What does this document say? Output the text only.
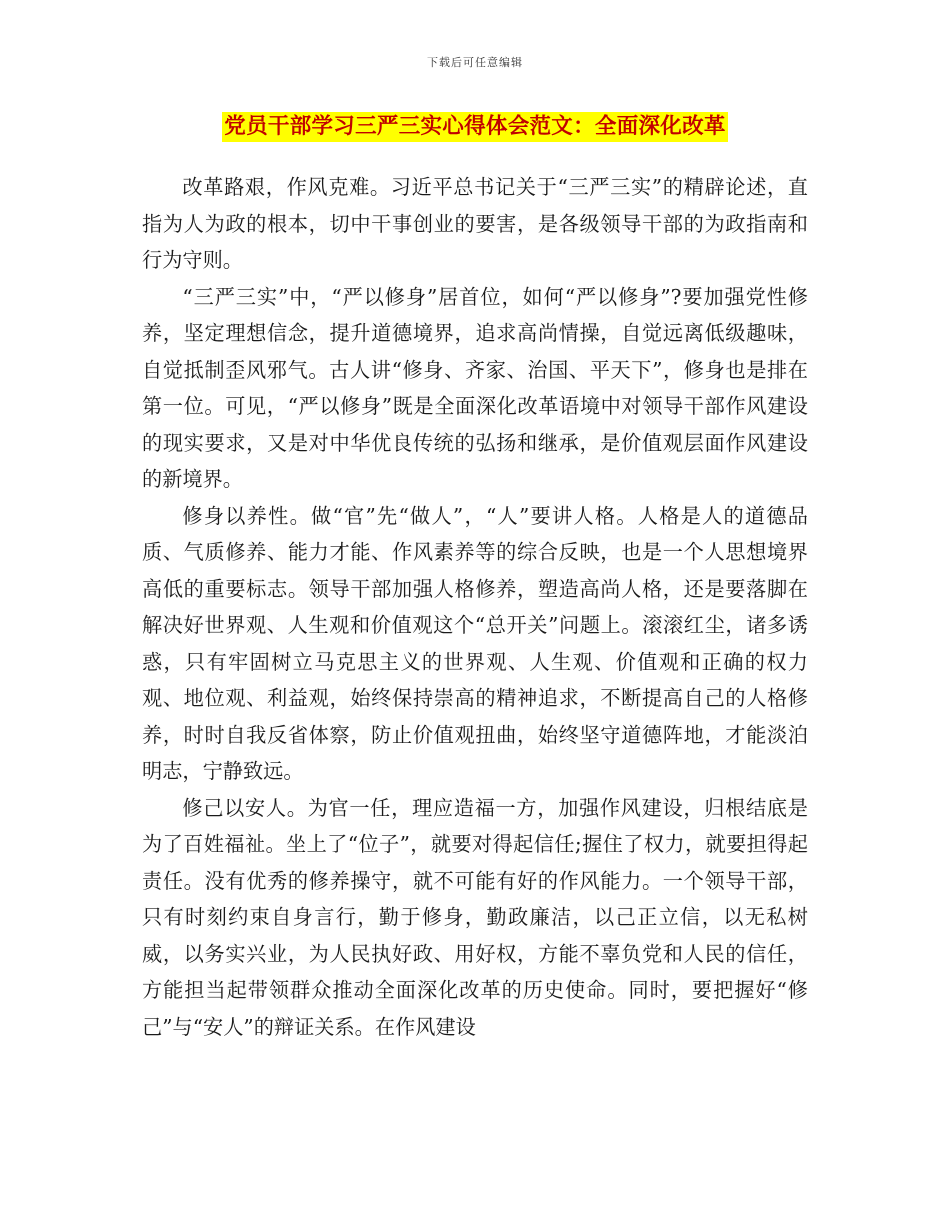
下载后可任意编辑
党员干部学习三严三实心得体会范文：全面深化改革

改革路艰，作风克难。习近平总书记关于“三严三实”的精辟论述，直指为人为政的根本，切中干事创业的要害，是各级领导干部的为政指南和行为守则。

“三严三实”中，“严以修身”居首位，如何“严以修身”?要加强党性修养，坚定理想信念，提升道德境界，追求高尚情操，自觉远离低级趣味，自觉抵制歪风邪气。古人讲“修身、齐家、治国、平天下”，修身也是排在第一位。可见，“严以修身”既是全面深化改革语境中对领导干部作风建设的现实要求，又是对中华优良传统的弘扬和继承，是价值观层面作风建设的新境界。

修身以养性。做“官”先“做人”，“人”要讲人格。人格是人的道德品质、气质修养、能力才能、作风素养等的综合反映，也是一个人思想境界高低的重要标志。领导干部加强人格修养，塑造高尚人格，还是要落脚在解决好世界观、人生观和价值观这个“总开关”问题上。滚滚红尘，诸多诱惑，只有牢固树立马克思主义的世界观、人生观、价值观和正确的权力观、地位观、利益观，始终保持崇高的精神追求，不断提高自己的人格修养，时时自我反省体察，防止价值观扭曲，始终坚守道德阵地，才能淡泊明志，宁静致远。

修己以安人。为官一任，理应造福一方，加强作风建设，归根结底是为了百姓福祉。坐上了“位子”，就要对得起信任;握住了权力，就要担得起责任。没有优秀的修养操守，就不可能有好的作风能力。一个领导干部，只有时刻约束自身言行，勤于修身，勤政廉洁，以己正立信，以无私树威，以务实兴业，为人民执好政、用好权，方能不辜负党和人民的信任，方能担当起带领群众推动全面深化改革的历史使命。同时，要把握好“修己”与“安人”的辩证关系。在作风建设
